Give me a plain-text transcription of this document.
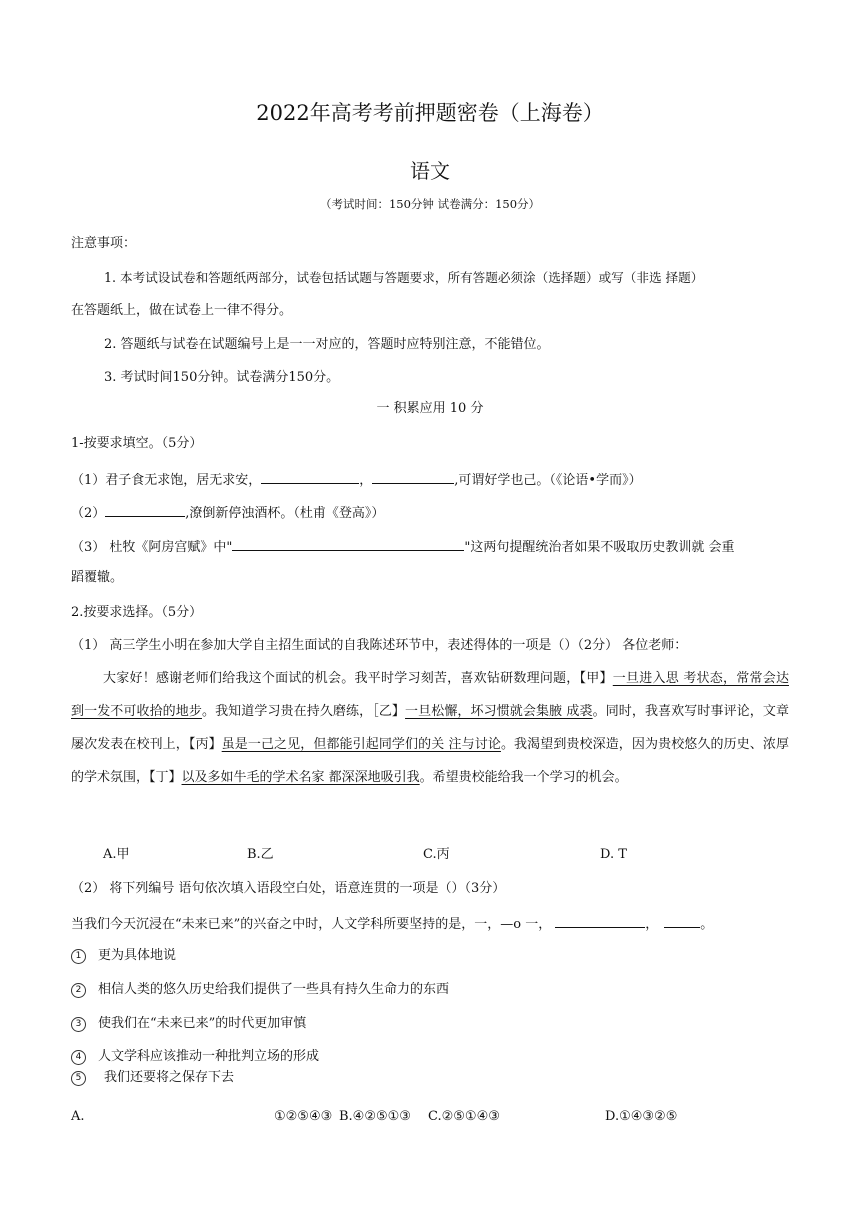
2022年高考考前押题密卷（上海卷）
语文
（考试时间：150分钟 试卷满分：150分）
注意事项：
1. 本考试设试卷和答题纸两部分，试卷包括试题与答题要求，所有答题必须涂（选择题）或写（非选 择题）
在答题纸上，做在试卷上一律不得分。
2. 答题纸与试卷在试题编号上是一一对应的，答题时应特别注意，不能错位。
3. 考试时间150分钟。试卷满分150分。
一 积累应用 10 分
1-按要求填空。（5分）
（1）君子食无求饱，居无求安，	，	,可谓好学也己。（《论语•学而》）
（2）	,潦倒新停浊酒杯。（杜甫《登高》）
（3） 杜牧《阿房宫赋》中"	"这两句提醒统治者如果不吸取历史教训就 会重
蹈覆辙。
2.按要求选择。（5分）
（1） 高三学生小明在参加大学自主招生面试的自我陈述环节中，表述得体的一项是（）（2分） 各位老师：
大家好！感谢老师们给我这个面试的机会。我平时学习刻苦，喜欢钻研数理问题，【甲】一旦进入思 考状态，常常会达到一发不可收拾的地步。我知道学习贵在持久磨练，［乙】一旦松懈，坏习惯就会集腋 成裘。同时，我喜欢写时事评论，文章屡次发表在校刊上，【丙】虽是一己之见，但都能引起同学们的关 注与讨论。我渴望到贵校深造，因为贵校悠久的历史、浓厚的学术氛围，【丁】以及多如牛毛的学术名家 都深深地吸引我。希望贵校能给我一个学习的机会。
A.甲	B.乙	C.丙	D. T
（2） 将下列编号 语句依次填入语段空白处，语意连贯的一项是（）（3分）
当我们今天沉浸在“未来已来”的兴奋之中时，人文学科所要坚持的是，一，—o 一，	，	。
1 更为具体地说
2 相信人类的悠久历史给我们提供了一些具有持久生命力的东西
3 使我们在“未来已来”的时代更加审慎
4 人文学科应该推动一种批判立场的形成
5 我们还要将之保存下去
A.	①②⑤④③ B.④②⑤①③ C.②⑤①④③	D.①④③②⑤
